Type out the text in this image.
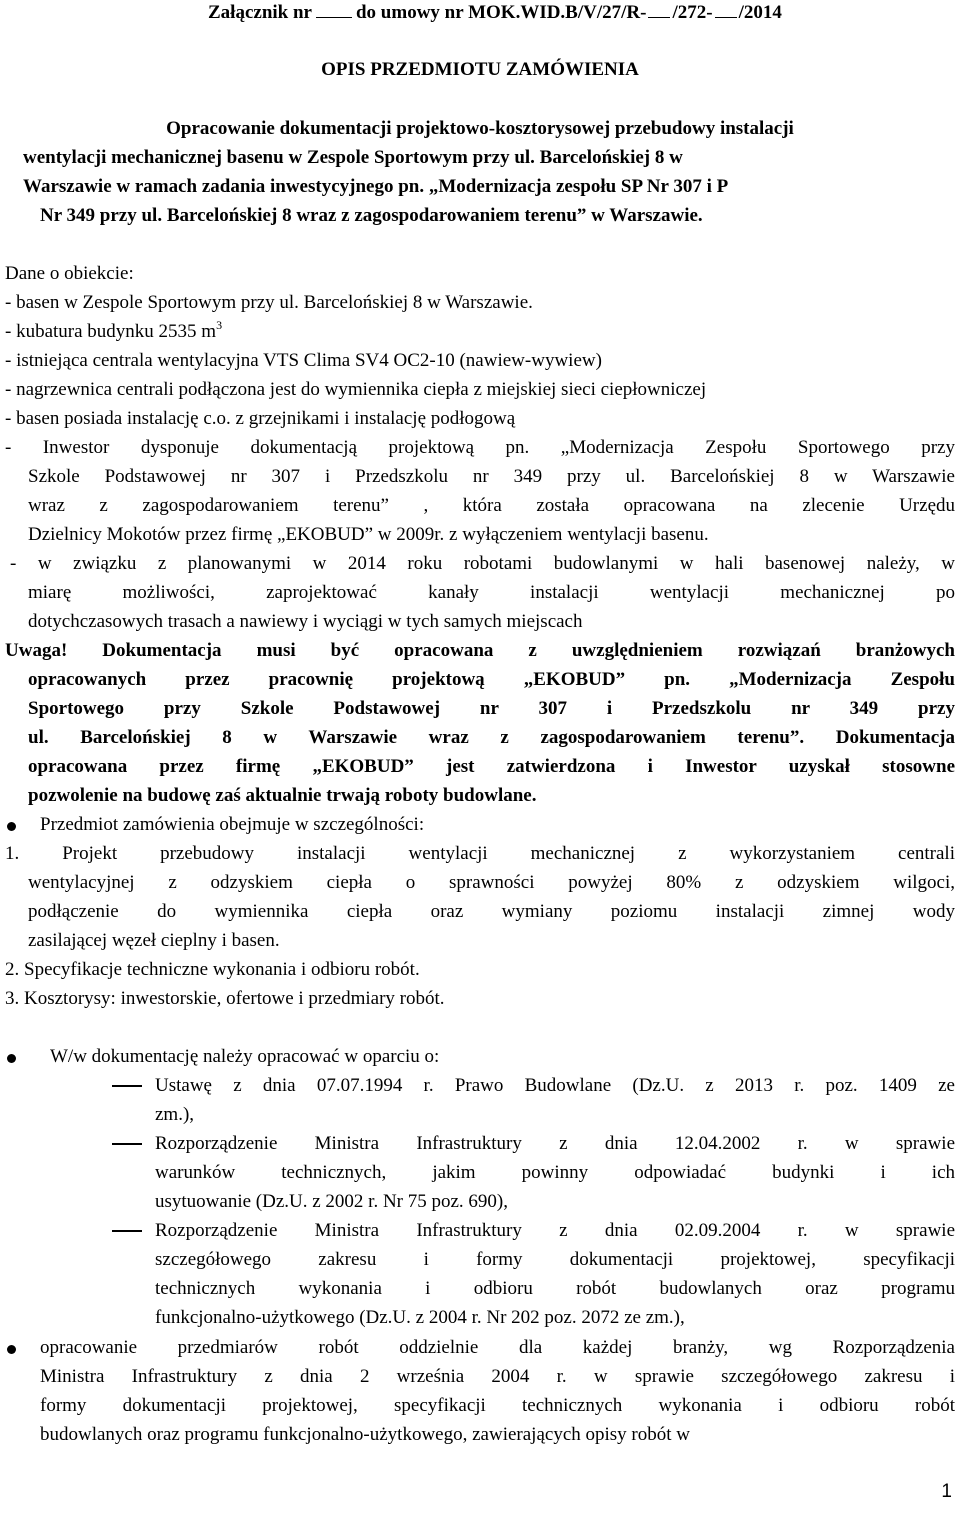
Załącznik nr do umowy nr MOK.WID.B/V/27/R- /272- /2014
OPIS PRZEDMIOTU ZAMÓWIENIA
Opracowanie dokumentacji projektowo-kosztorysowej przebudowy instalacji
wentylacji mechanicznej basenu w Zespole Sportowym przy ul. Barcelońskiej 8 w
Warszawie w ramach zadania inwestycyjnego pn. „Modernizacja zespołu SP Nr 307 i P
Nr 349 przy ul. Barcelońskiej 8 wraz z zagospodarowaniem terenu” w Warszawie.
Dane o obiekcie:
- basen w Zespole Sportowym przy ul. Barcelońskiej 8 w Warszawie.
- kubatura budynku 2535 $m^3$
- istniejąca centrala wentylacyjna VTS Clima SV4 OC2-10 (nawiew-wywiew)
- nagrzewnica centrali podłączona jest do wymiennika ciepła z miejskiej sieci ciepłowniczej
- basen posiada instalację c.o. z grzejnikami i instalację podłogową
- Inwestor dysponuje dokumentacją projektową pn. „Modernizacja Zespołu Sportowego przy
Szkole Podstawowej nr 307 i Przedszkolu nr 349 przy ul. Barcelońskiej 8 w Warszawie
wraz z zagospodarowaniem terenu” , która została opracowana na zlecenie Urzędu
Dzielnicy Mokotów przez firmę „EKOBUD” w 2009r. z wyłączeniem wentylacji basenu.
- w związku z planowanymi w 2014 roku robotami budowlanymi w hali basenowej należy, w
miarę możliwości, zaprojektować kanały instalacji wentylacji mechanicznej po
dotychczasowych trasach a nawiewy i wyciągi w tych samych miejscach
Uwaga! Dokumentacja musi być opracowana z uwzględnieniem rozwiązań branżowych
opracowanych przez pracownię projektową „EKOBUD” pn. „Modernizacja Zespołu
Sportowego przy Szkole Podstawowej nr 307 i Przedszkolu nr 349 przy
ul. Barcelońskiej 8 w Warszawie wraz z zagospodarowaniem terenu”. Dokumentacja
opracowana przez firmę „EKOBUD” jest zatwierdzona i Inwestor uzyskał stosowne
pozwolenie na budowę zaś aktualnie trwają roboty budowlane.
Przedmiot zamówienia obejmuje w szczególności:
1. Projekt przebudowy instalacji wentylacji mechanicznej z wykorzystaniem centrali
wentylacyjnej z odzyskiem ciepła o sprawności powyżej 80% z odzyskiem wilgoci,
podłączenie do wymiennika ciepła oraz wymiany poziomu instalacji zimnej wody
zasilającej węzeł cieplny i basen.
2. Specyfikacje techniczne wykonania i odbioru robót.
3. Kosztorysy: inwestorskie, ofertowe i przedmiary robót.
W/w dokumentację należy opracować w oparciu o:
Ustawę z dnia 07.07.1994 r. Prawo Budowlane (Dz.U. z 2013 r. poz. 1409 ze
zm.),
Rozporządzenie Ministra Infrastruktury z dnia 12.04.2002 r. w sprawie
warunków technicznych, jakim powinny odpowiadać budynki i ich
usytuowanie (Dz.U. z 2002 r. Nr 75 poz. 690),
Rozporządzenie Ministra Infrastruktury z dnia 02.09.2004 r. w sprawie
szczegółowego zakresu i formy dokumentacji projektowej, specyfikacji
technicznych wykonania i odbioru robót budowlanych oraz programu
funkcjonalno-użytkowego (Dz.U. z 2004 r. Nr 202 poz. 2072 ze zm.),
opracowanie przedmiarów robót oddzielnie dla każdej branży, wg Rozporządzenia
Ministra Infrastruktury z dnia 2 września 2004 r. w sprawie szczegółowego zakresu i
formy dokumentacji projektowej, specyfikacji technicznych wykonania i odbioru robót
budowlanych oraz programu funkcjonalno-użytkowego, zawierających opisy robót w
1
